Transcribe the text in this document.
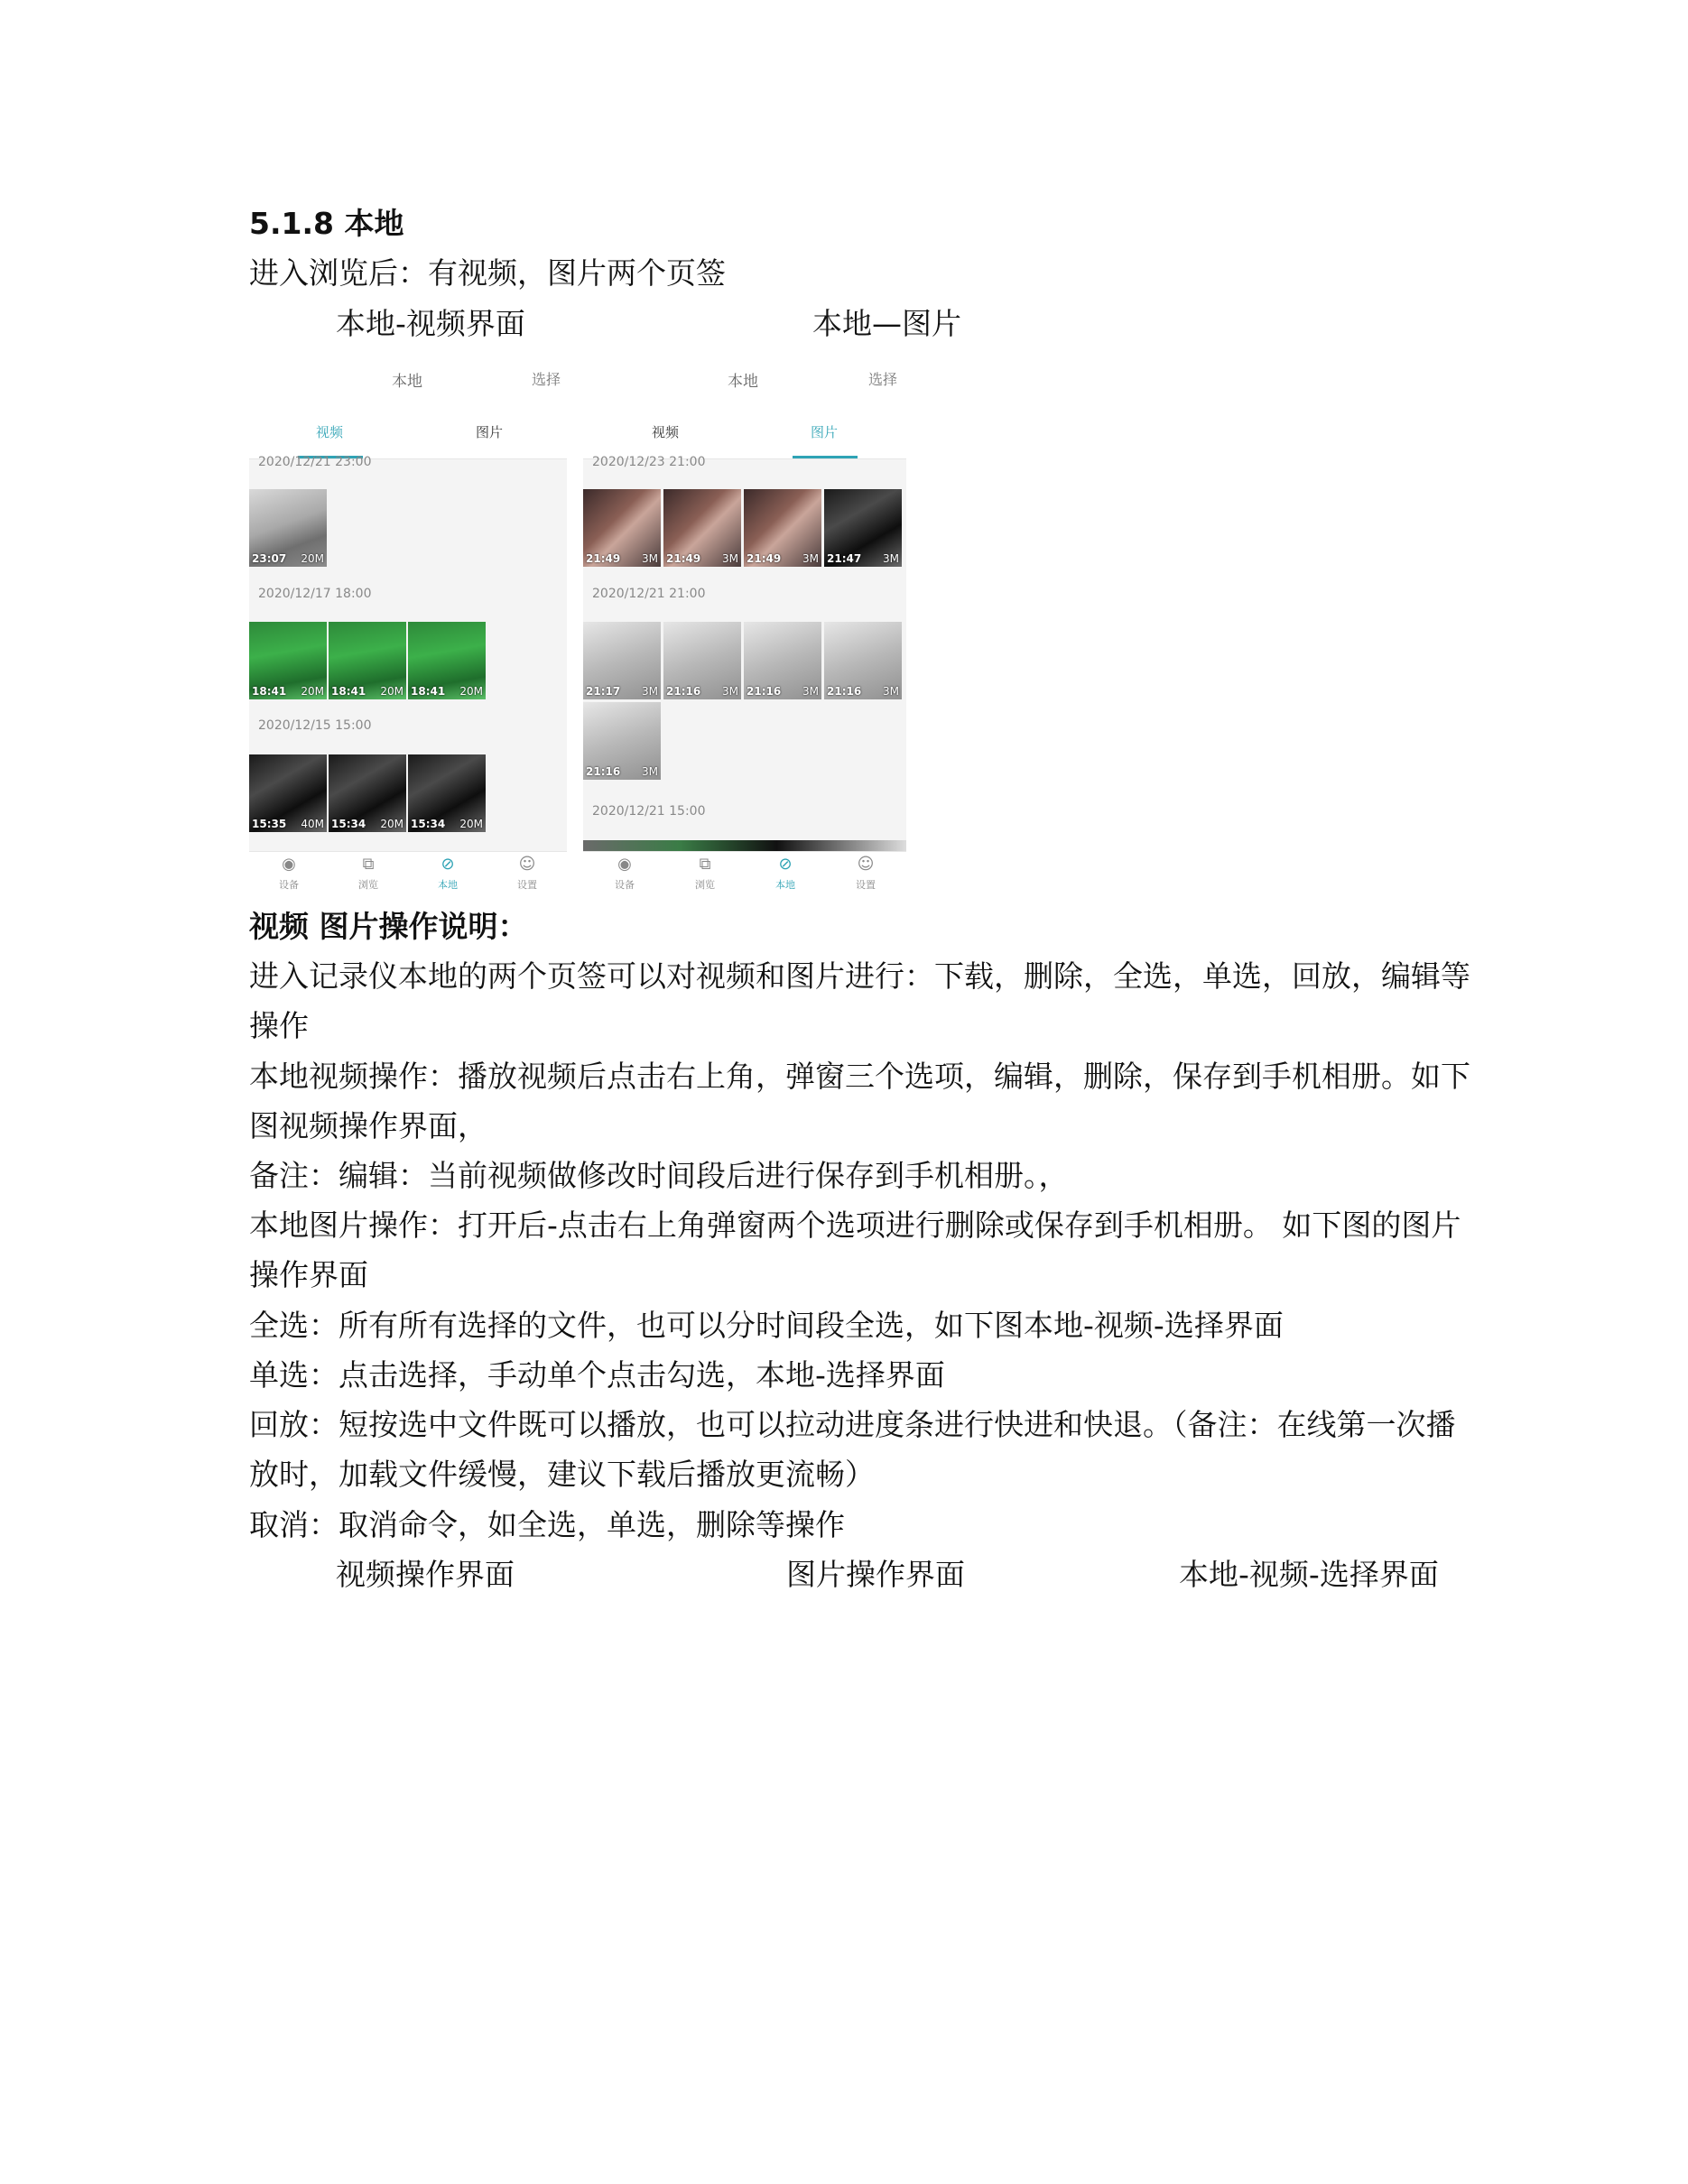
5.1.8 本地
进入浏览后：有视频，图片两个页签
本地-视频界面	本地—图片
本地	选择
视频	图片
2020/12/21 23:00
23:07 20M
2020/12/17 18:00
18:41 20M 18:41 20M 18:41 20M
2020/12/15 15:00
15:35 40M 15:34 20M 15:34 20M
◉
设备
⧉
浏览
⊘
本地
☺
设置
本地	选择
视频	图片
2020/12/23 21:00
21:49 3M 21:49 3M 21:49 3M 21:47 3M
2020/12/21 21:00
21:17 3M 21:16 3M 21:16 3M 21:16 3M
21:16 3M
2020/12/21 15:00
◉
设备
⧉
浏览
⊘
本地
☺
设置
视频 图片操作说明：
进入记录仪本地的两个页签可以对视频和图片进行：下载，删除，全选，单选，回放，编辑等
操作
本地视频操作：播放视频后点击右上角，弹窗三个选项，编辑，删除，保存到手机相册。如下
图视频操作界面，
备注：编辑：当前视频做修改时间段后进行保存到手机相册。，
本地图片操作：打开后-点击右上角弹窗两个选项进行删除或保存到手机相册。 如下图的图片
操作界面
全选：所有所有选择的文件，也可以分时间段全选，如下图本地-视频-选择界面
单选：点击选择，手动单个点击勾选，本地-选择界面
回放：短按选中文件既可以播放，也可以拉动进度条进行快进和快退。（备注：在线第一次播
放时，加载文件缓慢，建议下载后播放更流畅）
取消：取消命令，如全选，单选，删除等操作
视频操作界面	图片操作界面	本地-视频-选择界面
